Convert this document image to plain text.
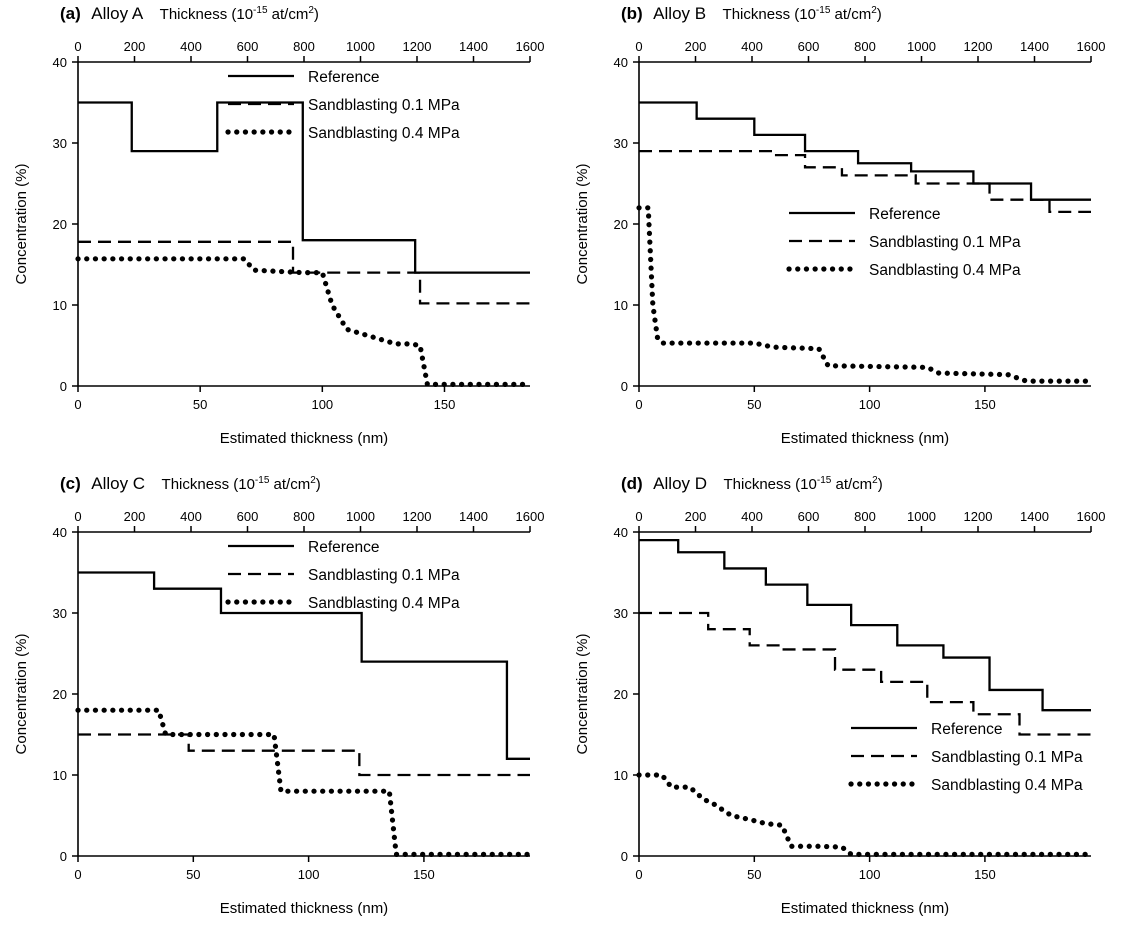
(a) Alloy A Thickness ($10^{-15}$ $at/cm^2$)
0
10
20
30
40
0	50	100	150
0	200	400	600	800 1000 1200 1400 1600
Estimated thickness (nm)
Concentration (%)
Reference
Sandblasting 0.1 MPa
Sandblasting 0.4 MPa
(b) Alloy B Thickness ($10^{-15}$ $at/cm^2$)
0
10
20
30
40
0	50	100	150
0	200	400	600	800 1000 1200 1400 1600
Estimated thickness (nm)
Concentration (%)	Reference
Sandblasting 0.1 MPa
Sandblasting 0.4 MPa
(c) Alloy C Thickness ($10^{-15}$ $at/cm^2$)
0
10
20
30
40
0	50	100	150
0	200	400	600	800 1000 1200 1400 1600
Estimated thickness (nm)
Concentration (%)
Reference
Sandblasting 0.1 MPa
Sandblasting 0.4 MPa
(d) Alloy D Thickness ($10^{-15}$ $at/cm^2$)
0
10
20
30
40
0	50	100	150
0	200	400	600	800 1000 1200 1400 1600
Estimated thickness (nm)
Concentration (%)	Reference
Sandblasting 0.1 MPa
Sandblasting 0.4 MPa
